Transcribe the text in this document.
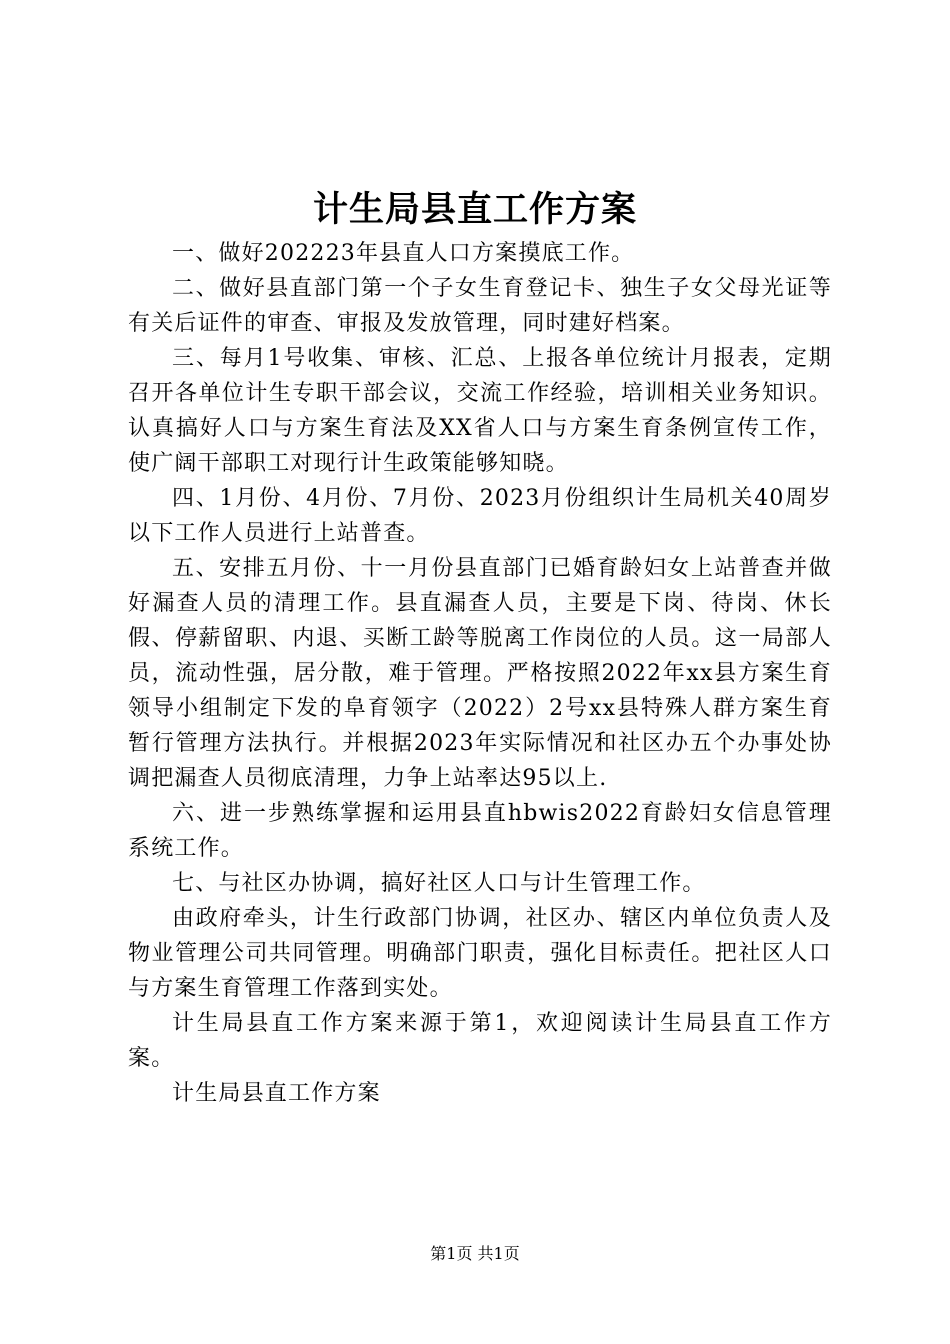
计生局县直工作方案

一、做好202223年县直人口方案摸底工作。

二、做好县直部门第一个子女生育登记卡、独生子女父母光证等有关后证件的审查、审报及发放管理，同时建好档案。

三、每月1号收集、审核、汇总、上报各单位统计月报表，定期召开各单位计生专职干部会议，交流工作经验，培训相关业务知识。认真搞好人口与方案生育法及XX省人口与方案生育条例宣传工作，使广阔干部职工对现行计生政策能够知晓。

四、1月份、4月份、7月份、2023月份组织计生局机关40周岁以下工作人员进行上站普查。

五、安排五月份、十一月份县直部门已婚育龄妇女上站普查并做好漏查人员的清理工作。县直漏查人员，主要是下岗、待岗、休长假、停薪留职、内退、买断工龄等脱离工作岗位的人员。这一局部人员，流动性强，居分散，难于管理。严格按照2022年xx县方案生育领导小组制定下发的阜育领字（2022）2号xx县特殊人群方案生育暂行管理方法执行。并根据2023年实际情况和社区办五个办事处协调把漏查人员彻底清理，力争上站率达95以上.

六、进一步熟练掌握和运用县直hbwis2022育龄妇女信息管理系统工作。

七、与社区办协调，搞好社区人口与计生管理工作。

由政府牵头，计生行政部门协调，社区办、辖区内单位负责人及物业管理公司共同管理。明确部门职责，强化目标责任。把社区人口与方案生育管理工作落到实处。

计生局县直工作方案来源于第1，欢迎阅读计生局县直工作方案。

计生局县直工作方案

第1页 共1页
